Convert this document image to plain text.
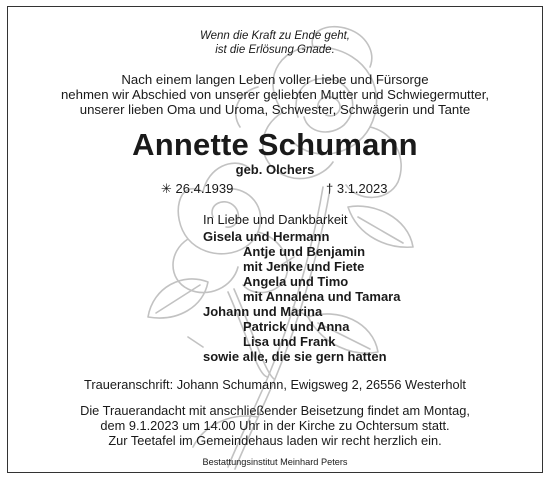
Wenn die Kraft zu Ende geht,
ist die Erlösung Gnade.
Nach einem langen Leben voller Liebe und Fürsorge
nehmen wir Abschied von unserer geliebten Mutter und Schwiegermutter,
unserer lieben Oma und Uroma, Schwester, Schwägerin und Tante
Annette Schumann
geb. Olchers
✳ 26.4.1939	† 3.1.2023
In Liebe und Dankbarkeit
Gisela und Hermann
Antje und Benjamin
mit Jenke und Fiete
Angela und Timo
mit Annalena und Tamara
Johann und Marina
Patrick und Anna
Lisa und Frank
sowie alle, die sie gern hatten
Traueranschrift: Johann Schumann, Ewigsweg 2, 26556 Westerholt
Die Trauerandacht mit anschließender Beisetzung findet am Montag,
dem 9.1.2023 um 14.00 Uhr in der Kirche zu Ochtersum statt.
Zur Teetafel im Gemeindehaus laden wir recht herzlich ein.
Bestattungsinstitut Meinhard Peters
